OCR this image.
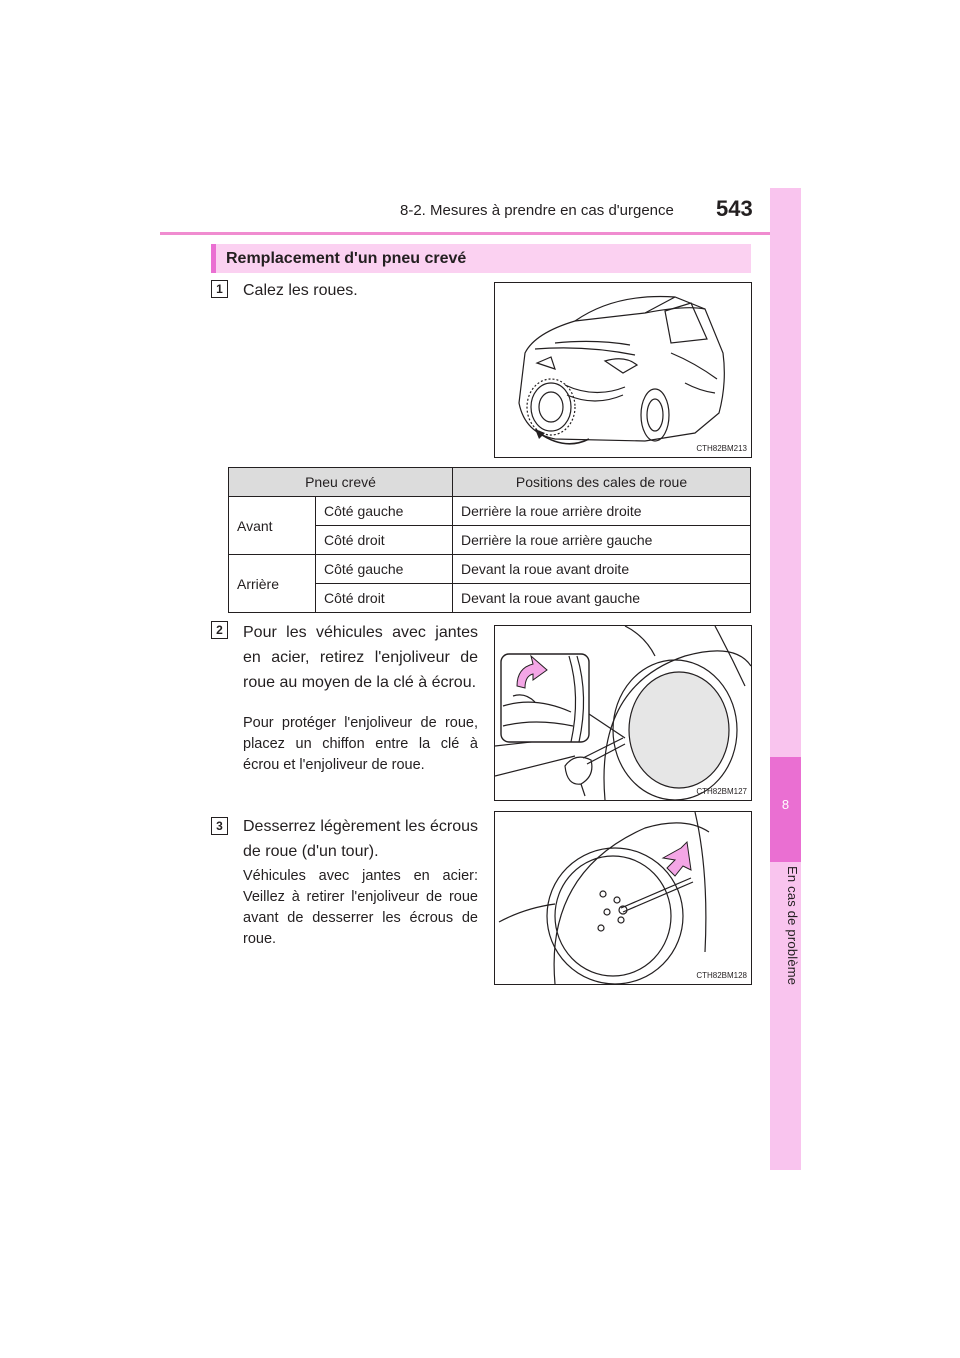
8-2. Mesures à prendre en cas d'urgence 543
8
En cas de problème
Remplacement d'un pneu crevé
1	Calez les roues.
CTH82BM213
Pneu crevé		Positions des cales de roue
Avant	Côté gauche	Derrière la roue arrière droite
	Côté droit	Derrière la roue arrière gauche
Arrière	Côté gauche	Devant la roue avant droite
	Côté droit	Devant la roue avant gauche
2	Pour les véhicules avec jantes en acier, retirez l'enjoliveur de roue au moyen de la clé à écrou.
Pour protéger l'enjoliveur de roue, placez un chiffon entre la clé à écrou et l'enjoliveur de roue.
CTH82BM127
3	Desserrez légèrement les écrous de roue (d'un tour).
Véhicules avec jantes en acier: Veillez à retirer l'enjoliveur de roue avant de desserrer les écrous de roue.
CTH82BM128
